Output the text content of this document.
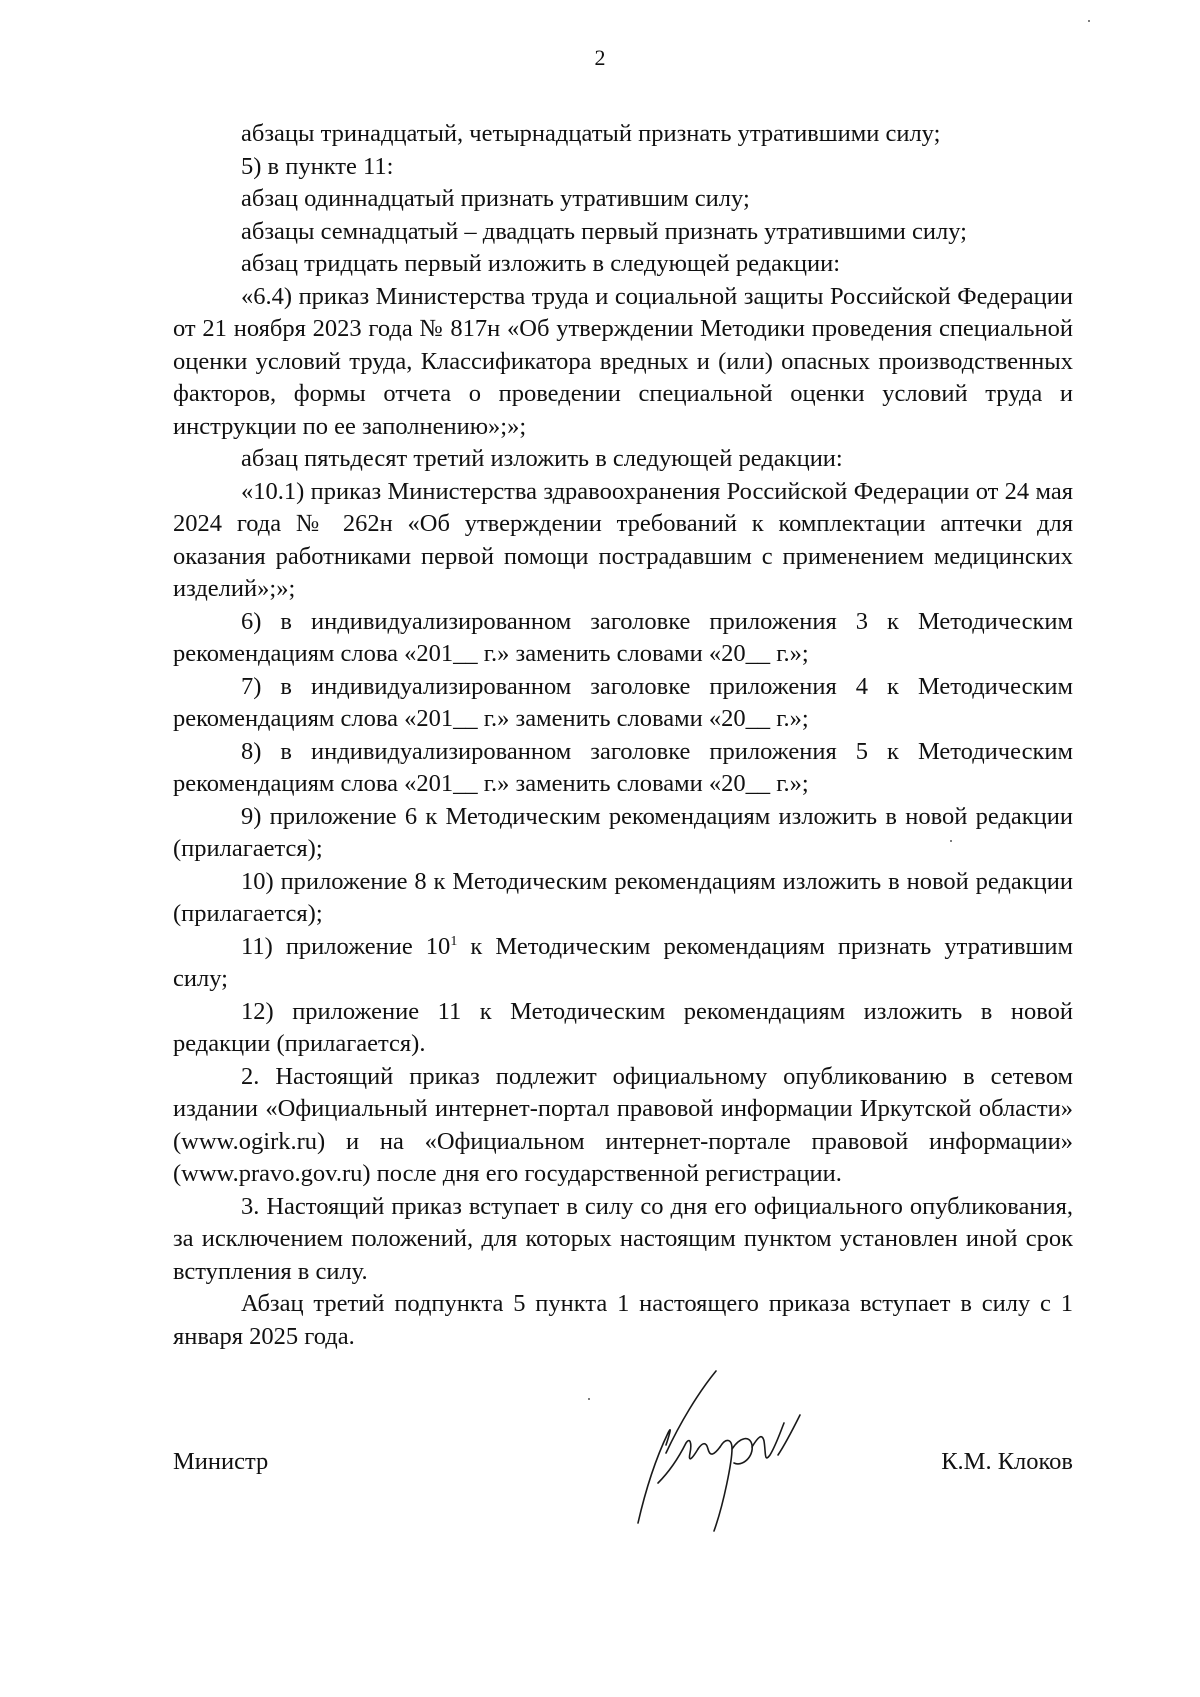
2

абзацы тринадцатый, четырнадцатый признать утратившими силу;

5) в пункте 11:

абзац одиннадцатый признать утратившим силу;

абзацы семнадцатый – двадцать первый признать утратившими силу;

абзац тридцать первый изложить в следующей редакции:

«6.4) приказ Министерства труда и социальной защиты Российской Федерации от 21 ноября 2023 года № 817н «Об утверждении Методики проведения специальной оценки условий труда, Классификатора вредных и (или) опасных производственных факторов, формы отчета о проведении специальной оценки условий труда и инструкции по ее заполнению»;»;

абзац пятьдесят третий изложить в следующей редакции:

«10.1) приказ Министерства здравоохранения Российской Федерации от 24 мая 2024 года № 262н «Об утверждении требований к комплектации аптечки для оказания работниками первой помощи пострадавшим с применением медицинских изделий»;»;

6) в индивидуализированном заголовке приложения 3 к Методическим рекомендациям слова «201__ г.» заменить словами «20__ г.»;

7) в индивидуализированном заголовке приложения 4 к Методическим рекомендациям слова «201__ г.» заменить словами «20__ г.»;

8) в индивидуализированном заголовке приложения 5 к Методическим рекомендациям слова «201__ г.» заменить словами «20__ г.»;

9) приложение 6 к Методическим рекомендациям изложить в новой редакции (прилагается);

10) приложение 8 к Методическим рекомендациям изложить в новой редакции (прилагается);

11) приложение $10^1$ к Методическим рекомендациям признать утратившим силу;

12) приложение 11 к Методическим рекомендациям изложить в новой редакции (прилагается).

2. Настоящий приказ подлежит официальному опубликованию в сетевом издании «Официальный интернет-портал правовой информации Иркутской области» (www.ogirk.ru) и на «Официальном интернет-портале правовой информации» (www.pravo.gov.ru) после дня его государственной регистрации.

3. Настоящий приказ вступает в силу со дня его официального опубликования, за исключением положений, для которых настоящим пунктом установлен иной срок вступления в силу.

Абзац третий подпункта 5 пункта 1 настоящего приказа вступает в силу с 1 января 2025 года.

Министр	К.М. Клоков
